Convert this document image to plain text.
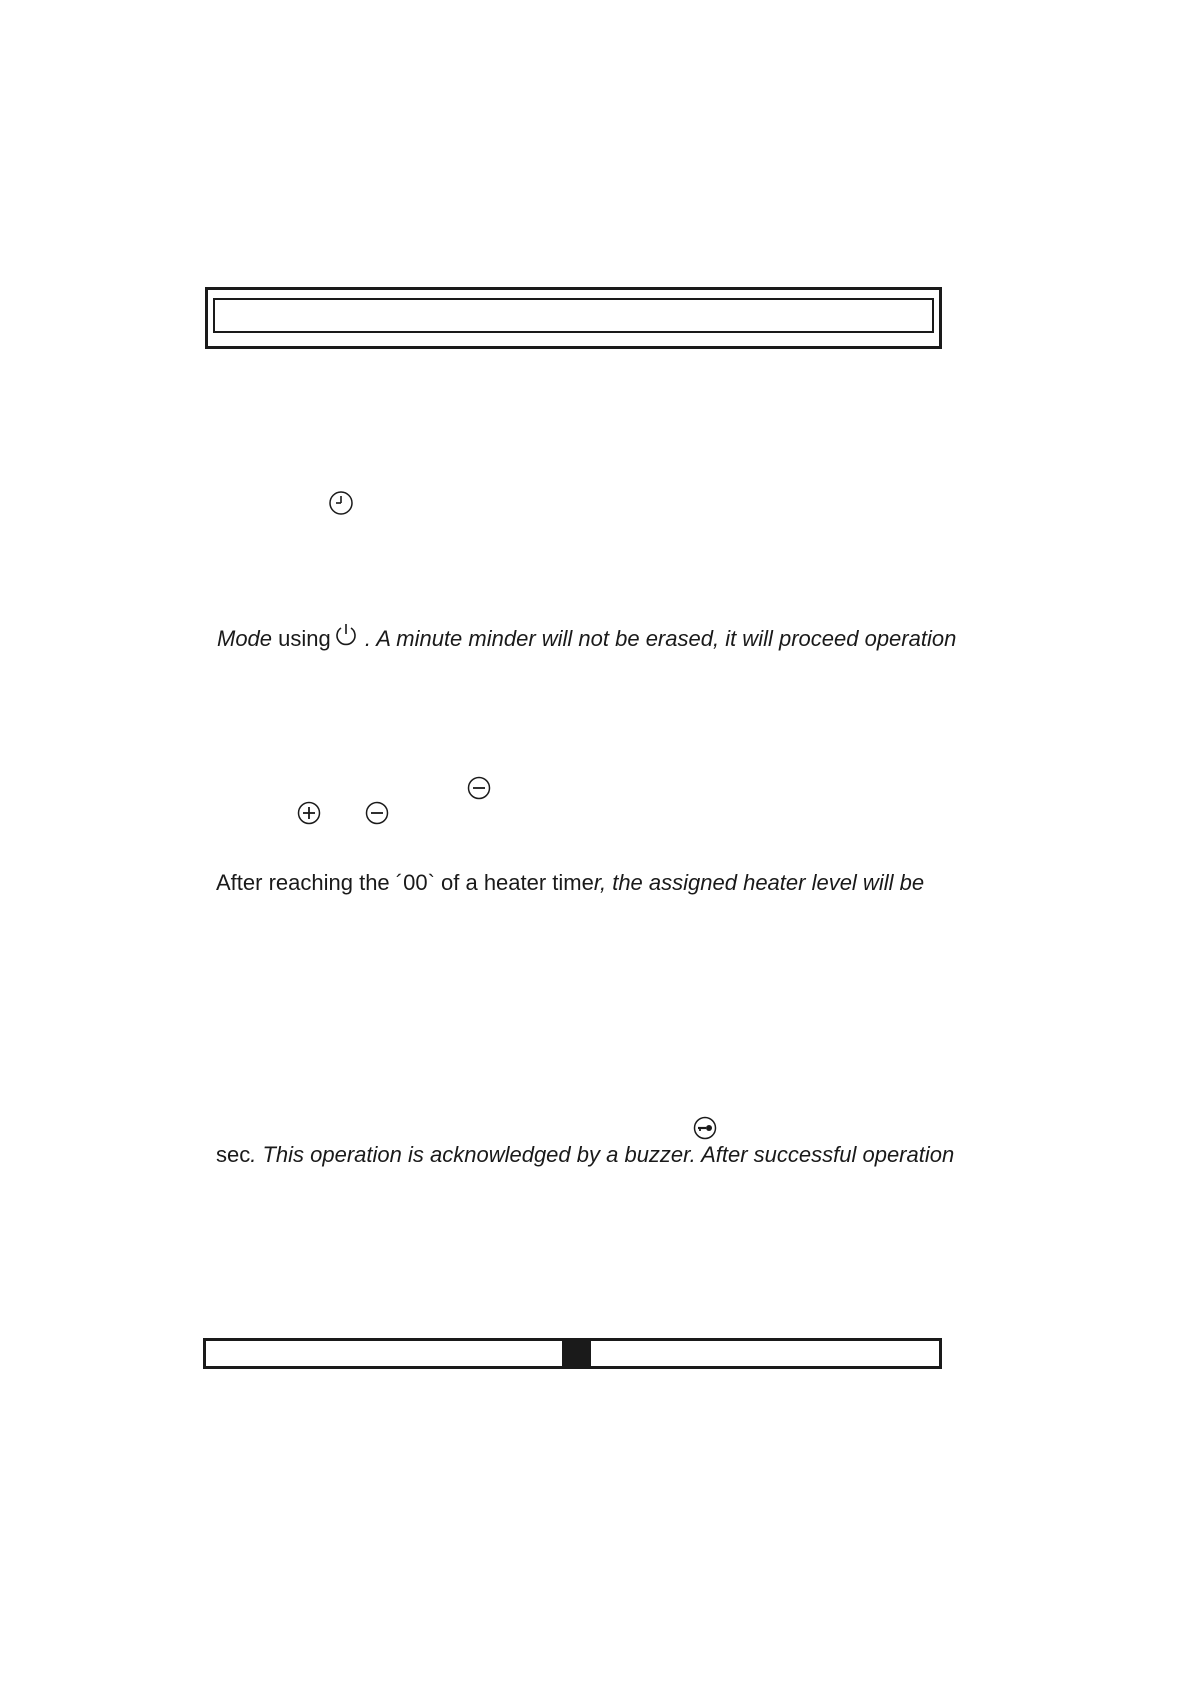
Mode using
. A minute minder will not be erased, it will proceed operation
After reaching the ´00` of a heater timer, the assigned heater level will be
sec. This operation is acknowledged by a buzzer. After successful operation
